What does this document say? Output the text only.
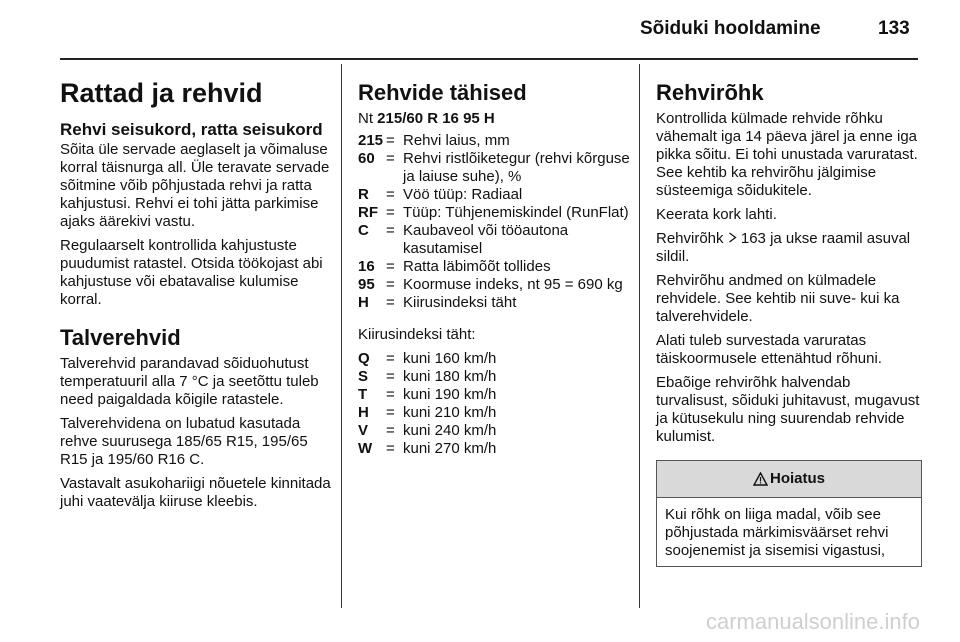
Sõiduki hooldamine	133
Rattad ja rehvid
Rehvi seisukord, ratta seisukord

Sõita üle servade aeglaselt ja võimaluse korral täisnurga all. Üle teravate servade sõitmine võib põhjustada rehvi ja ratta kahjustusi. Rehvi ei tohi jätta parkimise ajaks äärekivi vastu.

Regulaarselt kontrollida kahjustuste puudumist ratastel. Otsida töökojast abi kahjustuse või ebatavalise kulumise korral.

Talverehvid

Talverehvid parandavad sõiduohutust temperatuuril alla 7 °C ja seetõttu tuleb need paigaldada kõigile ratastele.

Talverehvidena on lubatud kasutada rehve suurusega 185/65 R15, 195/65 R15 ja 195/60 R16 C.

Vastavalt asukohariigi nõuetele kinnitada juhi vaatevälja kiiruse kleebis.

Rehvide tähised

Nt 215/60 R 16 95 H

215 = Rehvi laius, mm
60 = Rehvi ristlõiketegur (rehvi kõrguse ja laiuse suhe), %
R	= Vöö tüüp: Radiaal
RF = Tüüp: Tühjenemiskindel (RunFlat)
C	= Kaubaveol või tööautona kasutamisel
16 = Ratta läbimõõt tollides
95 = Koormuse indeks, nt 95 = 690 kg
H	= Kiirusindeksi täht

Kiirusindeksi täht:

Q	= kuni 160 km/h
S	= kuni 180 km/h
T	= kuni 190 km/h
H	= kuni 210 km/h
V	= kuni 240 km/h
W = kuni 270 km/h
Rehvirõhk

Kontrollida külmade rehvide rõhku vähemalt iga 14 päeva järel ja enne iga pikka sõitu. Ei tohi unustada varuratast. See kehtib ka rehvirõhu jälgimise süsteemiga sõidukitele.

Keerata kork lahti.

Rehvirõhk 163 ja ukse raamil asuval sildil.

Rehvirõhu andmed on külmadele rehvidele. See kehtib nii suve- kui ka talverehvidele.

Alati tuleb survestada varuratas täiskoormusele ettenähtud rõhuni.

Ebaõige rehvirõhk halvendab turvalisust, sõiduki juhitavust, mugavust ja kütusekulu ning suurendab rehvide kulumist.

Hoiatus

Kui rõhk on liiga madal, võib see põhjustada märkimisväärset rehvi soojenemist ja sisemisi vigastusi,

carmanualsonline.info
